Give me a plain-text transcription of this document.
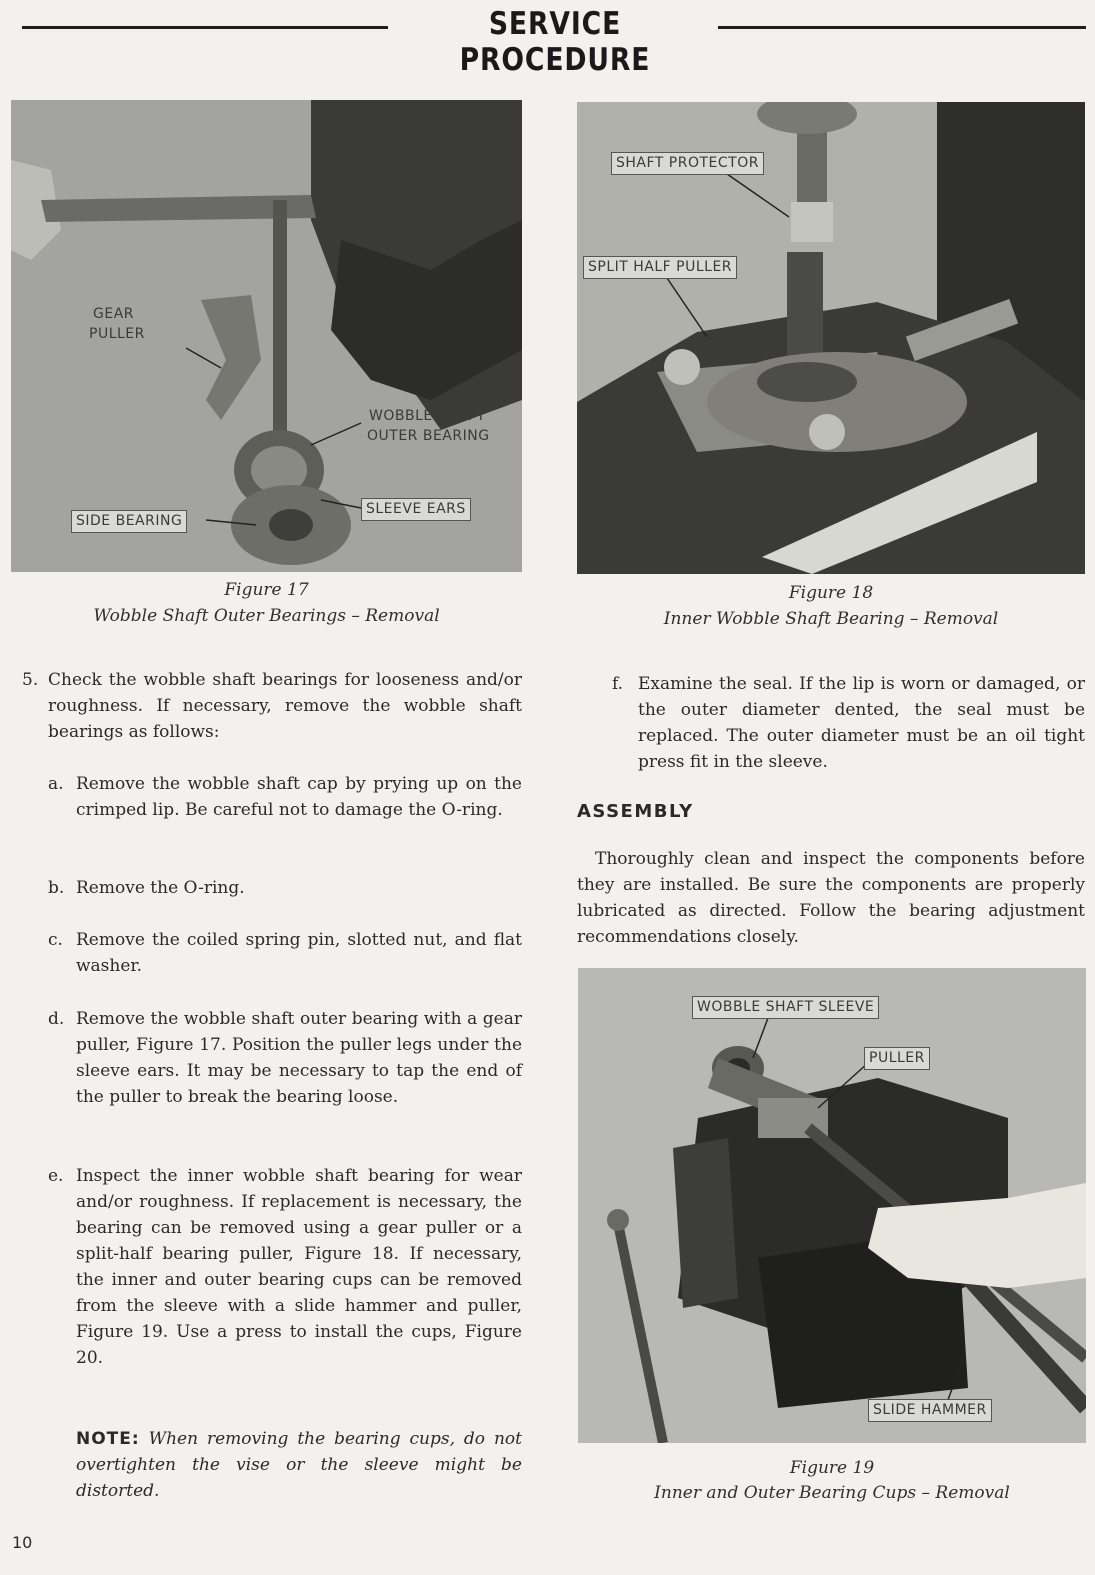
SERVICE PROCEDURE
GEAR
PULLER
WOBBLE SHAFT
OUTER BEARING
SLEEVE EARS
SIDE BEARING
Figure 17
Wobble Shaft Outer Bearings – Removal
SHAFT PROTECTOR
SPLIT HALF PULLER
Figure 18
Inner Wobble Shaft Bearing – Removal
5. Check the wobble shaft bearings for looseness and/or roughness. If necessary, remove the wobble shaft bearings as follows:
a. Remove the wobble shaft cap by prying up on the crimped lip. Be careful not to damage the O-ring.
b. Remove the O-ring.
c. Remove the coiled spring pin, slotted nut, and flat washer.
d. Remove the wobble shaft outer bearing with a gear puller, Figure 17. Position the puller legs under the sleeve ears. It may be necessary to tap the end of the puller to break the bearing loose.
e. Inspect the inner wobble shaft bearing for wear and/or roughness. If replacement is necessary, the bearing can be removed using a gear puller or a split-half bearing puller, Figure 18. If necessary, the inner and outer bearing cups can be removed from the sleeve with a slide hammer and puller, Figure 19. Use a press to install the cups, Figure 20.
NOTE: When removing the bearing cups, do not overtighten the vise or the sleeve might be distorted.
f. Examine the seal. If the lip is worn or damaged, or the outer diameter dented, the seal must be replaced. The outer diameter must be an oil tight press fit in the sleeve.
ASSEMBLY
Thoroughly clean and inspect the components before they are installed. Be sure the components are properly lubricated as directed. Follow the bearing adjustment recommendations closely.
WOBBLE SHAFT SLEEVE
PULLER
SLIDE HAMMER
Figure 19
Inner and Outer Bearing Cups – Removal
10
